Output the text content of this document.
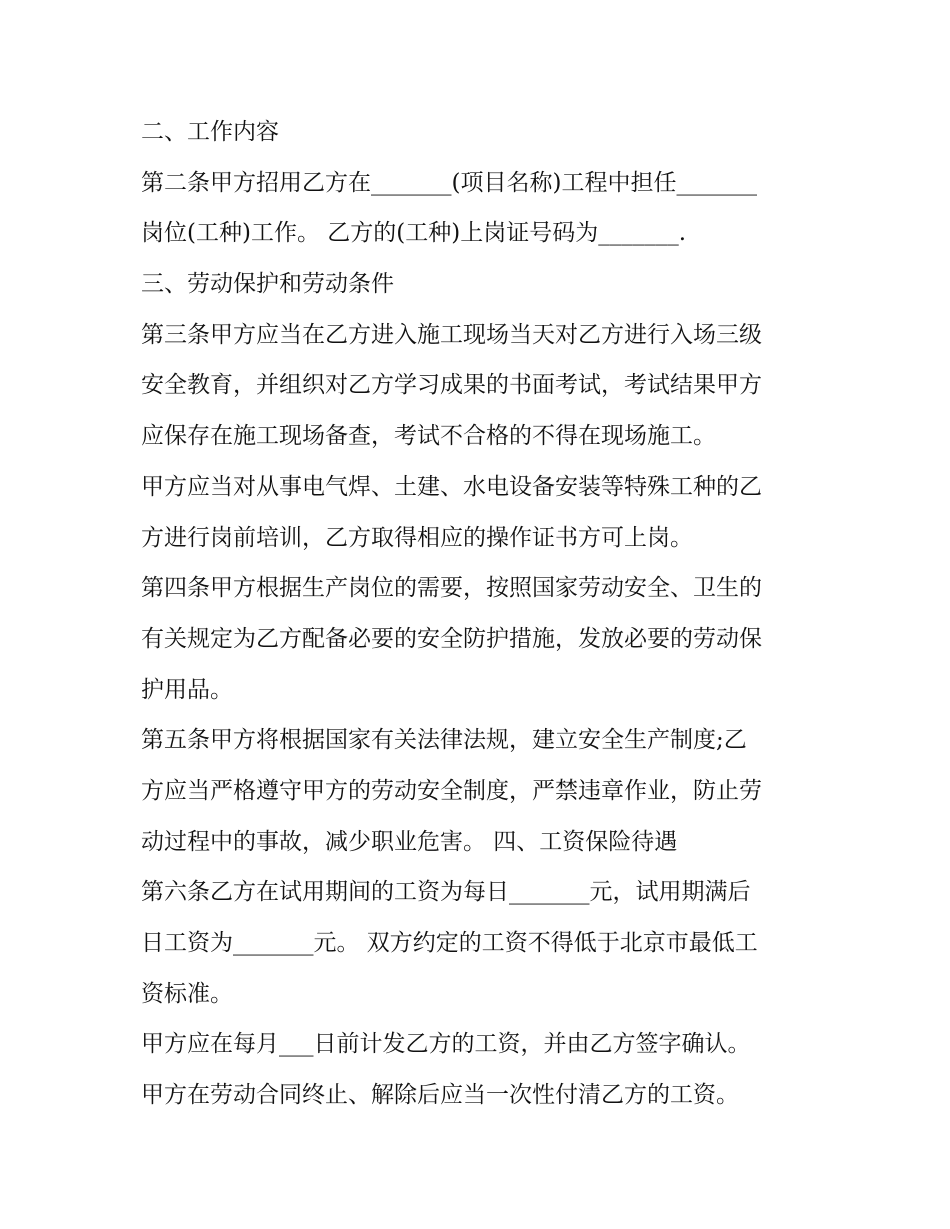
二、工作内容
第二条甲方招用乙方在_______(项目名称)工程中担任_______
岗位(工种)工作。 乙方的(工种)上岗证号码为_______.
三、劳动保护和劳动条件
第三条甲方应当在乙方进入施工现场当天对乙方进行入场三级
安全教育，并组织对乙方学习成果的书面考试，考试结果甲方
应保存在施工现场备查，考试不合格的不得在现场施工。
甲方应当对从事电气焊、土建、水电设备安装等特殊工种的乙
方进行岗前培训，乙方取得相应的操作证书方可上岗。
第四条甲方根据生产岗位的需要，按照国家劳动安全、卫生的
有关规定为乙方配备必要的安全防护措施，发放必要的劳动保
护用品。
第五条甲方将根据国家有关法律法规，建立安全生产制度;乙
方应当严格遵守甲方的劳动安全制度，严禁违章作业，防止劳
动过程中的事故，减少职业危害。 四、工资保险待遇
第六条乙方在试用期间的工资为每日_______元，试用期满后
日工资为_______元。 双方约定的工资不得低于北京市最低工
资标准。
甲方应在每月___日前计发乙方的工资，并由乙方签字确认。
甲方在劳动合同终止、解除后应当一次性付清乙方的工资。
